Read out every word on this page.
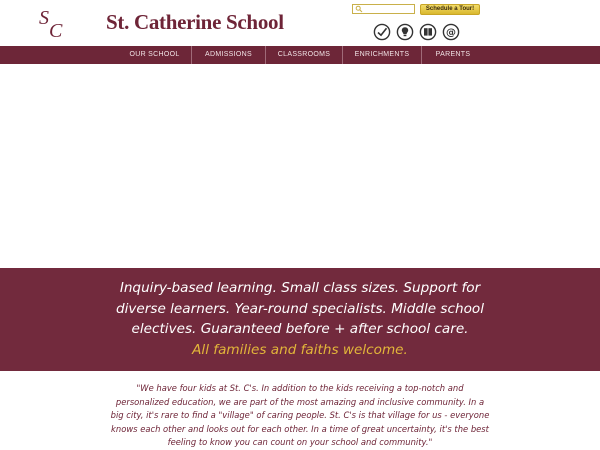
S
C St. Catherine School
Schedule a Tour!
@
OUR SCHOOL	ADMISSIONS	CLASSROOMS	ENRICHMENTS	PARENTS
Inquiry-based learning. Small class sizes. Support for diverse learners. Year-round specialists. Middle school electives. Guaranteed before + after school care.
All families and faiths welcome.
"We have four kids at St. C's. In addition to the kids receiving a top-notch and personalized education, we are part of the most amazing and inclusive community. In a big city, it's rare to find a "village" of caring people. St. C's is that village for us - everyone knows each other and looks out for each other. In a time of great uncertainty, it's the best feeling to know you can count on your school and community."
